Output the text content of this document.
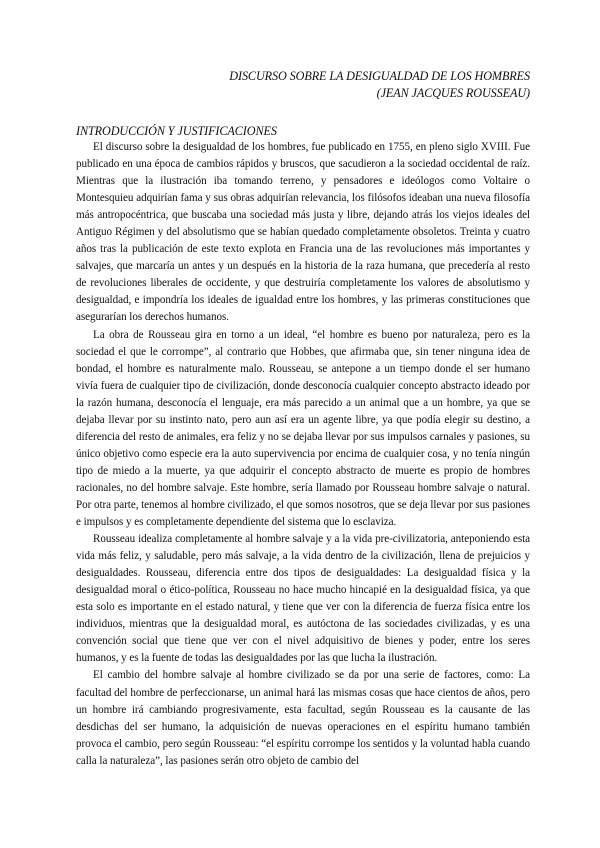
DISCURSO SOBRE LA DESIGUALDAD DE LOS HOMBRES
(JEAN JACQUES ROUSSEAU)
INTRODUCCIÓN Y JUSTIFICACIONES

El discurso sobre la desigualdad de los hombres, fue publicado en 1755, en pleno siglo XVIII. Fue publicado en una época de cambios rápidos y bruscos, que sacudieron a la sociedad occidental de raíz. Mientras que la ilustración iba tomando terreno, y pensadores e ideólogos como Voltaire o Montesquieu adquirían fama y sus obras adquirían relevancia, los filósofos ideaban una nueva filosofía más antropocéntrica, que buscaba una sociedad más justa y libre, dejando atrás los viejos ideales del Antiguo Régimen y del absolutismo que se habían quedado completamente obsoletos. Treinta y cuatro años tras la publicación de este texto explota en Francia una de las revoluciones más importantes y salvajes, que marcaría un antes y un después en la historia de la raza humana, que precedería al resto de revoluciones liberales de occidente, y que destruiría completamente los valores de absolutismo y desigualdad, e impondría los ideales de igualdad entre los hombres, y las primeras constituciones que asegurarían los derechos humanos.

La obra de Rousseau gira en torno a un ideal, “el hombre es bueno por naturaleza, pero es la sociedad el que le corrompe”, al contrario que Hobbes, que afirmaba que, sin tener ninguna idea de bondad, el hombre es naturalmente malo. Rousseau, se antepone a un tiempo donde el ser humano vivía fuera de cualquier tipo de civilización, donde desconocía cualquier concepto abstracto ideado por la razón humana, desconocía el lenguaje, era más parecido a un animal que a un hombre, ya que se dejaba llevar por su instinto nato, pero aun así era un agente libre, ya que podía elegir su destino, a diferencia del resto de animales, era feliz y no se dejaba llevar por sus impulsos carnales y pasiones, su único objetivo como especie era la auto supervivencia por encima de cualquier cosa, y no tenía ningún tipo de miedo a la muerte, ya que adquirir el concepto abstracto de muerte es propio de hombres racionales, no del hombre salvaje. Este hombre, sería llamado por Rousseau hombre salvaje o natural. Por otra parte, tenemos al hombre civilizado, el que somos nosotros, que se deja llevar por sus pasiones e impulsos y es completamente dependiente del sistema que lo esclaviza.

Rousseau idealiza completamente al hombre salvaje y a la vida pre-civilizatoria, anteponiendo esta vida más feliz, y saludable, pero más salvaje, a la vida dentro de la civilización, llena de prejuicios y desigualdades. Rousseau, diferencia entre dos tipos de desigualdades: La desigualdad física y la desigualdad moral o ético-política, Rousseau no hace mucho hincapié en la desigualdad física, ya que esta solo es importante en el estado natural, y tiene que ver con la diferencia de fuerza física entre los individuos, mientras que la desigualdad moral, es autóctona de las sociedades civilizadas, y es una convención social que tiene que ver con el nivel adquisitivo de bienes y poder, entre los seres humanos, y es la fuente de todas las desigualdades por las que lucha la ilustración.

El cambio del hombre salvaje al hombre civilizado se da por una serie de factores, como: La facultad del hombre de perfeccionarse, un animal hará las mismas cosas que hace cientos de años, pero un hombre irá cambiando progresivamente, esta facultad, según Rousseau es la causante de las desdichas del ser humano, la adquisición de nuevas operaciones en el espíritu humano también provoca el cambio, pero según Rousseau: “el espíritu corrompe los sentidos y la voluntad habla cuando calla la naturaleza”, las pasiones serán otro objeto de cambio del
